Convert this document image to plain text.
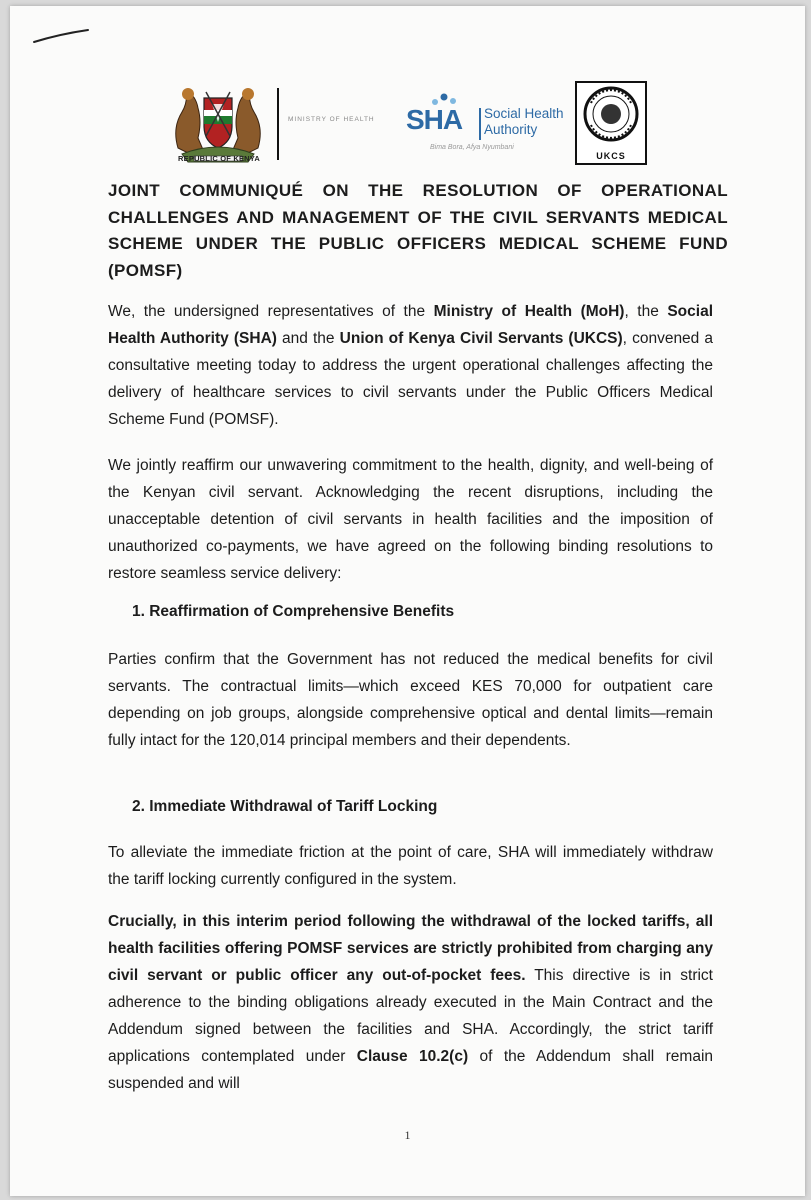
REPUBLIC OF KENYA
MINISTRY OF HEALTH SHA Social Health
Authority
Bima Bora, Afya Nyumbani
UKCS
JOINT COMMUNIQUÉ ON THE RESOLUTION OF OPERATIONAL CHALLENGES AND MANAGEMENT OF THE CIVIL SERVANTS MEDICAL SCHEME UNDER THE PUBLIC OFFICERS MEDICAL SCHEME FUND (POMSF)

We, the undersigned representatives of the Ministry of Health (MoH), the Social Health Authority (SHA) and the Union of Kenya Civil Servants (UKCS), convened a consultative meeting today to address the urgent operational challenges affecting the delivery of healthcare services to civil servants under the Public Officers Medical Scheme Fund (POMSF).

We jointly reaffirm our unwavering commitment to the health, dignity, and well-being of the Kenyan civil servant. Acknowledging the recent disruptions, including the unacceptable detention of civil servants in health facilities and the imposition of unauthorized co-payments, we have agreed on the following binding resolutions to restore seamless service delivery:

1. Reaffirmation of Comprehensive Benefits

Parties confirm that the Government has not reduced the medical benefits for civil servants. The contractual limits—which exceed KES 70,000 for outpatient care depending on job groups, alongside comprehensive optical and dental limits—remain fully intact for the 120,014 principal members and their dependents.

2. Immediate Withdrawal of Tariff Locking

To alleviate the immediate friction at the point of care, SHA will immediately withdraw the tariff locking currently configured in the system.

Crucially, in this interim period following the withdrawal of the locked tariffs, all health facilities offering POMSF services are strictly prohibited from charging any civil servant or public officer any out-of-pocket fees. This directive is in strict adherence to the binding obligations already executed in the Main Contract and the Addendum signed between the facilities and SHA. Accordingly, the strict tariff applications contemplated under Clause 10.2(c) of the Addendum shall remain suspended and will

1
